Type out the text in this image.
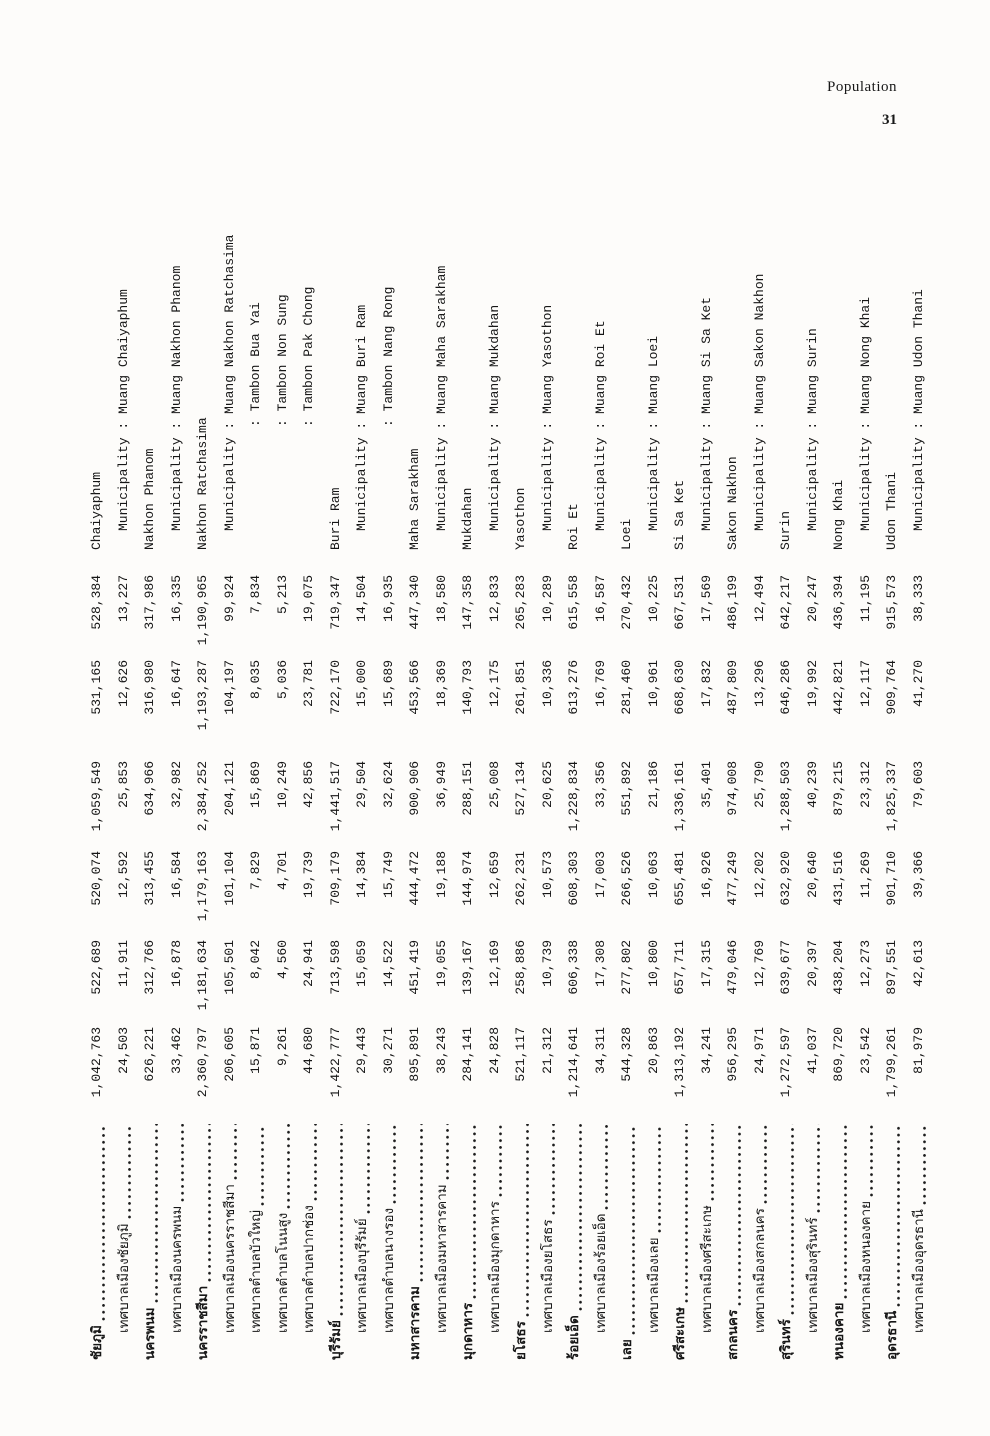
Population
31
ชัยภูมิ
1,042,763
522,689
520,074
1,059,549
531,165
528,384
Chaiyaphum
เทศบาลเมืองชัยภูมิ
24,503
11,911
12,592
25,853
12,626
13,227
Municipality : Muang Chaiyaphum
นครพนม
626,221
312,766
313,455
634,966
316,980
317,986
Nakhon Phanom
เทศบาลเมืองนครพนม
33,462
16,878
16,584
32,982
16,647
16,335
Municipality : Muang Nakhon Phanom
นครราชสีมา
2,360,797
1,181,634
1,179,163
2,384,252
1,193,287
1,190,965
Nakhon Ratchasima
เทศบาลเมืองนครราชสีมา
206,605
105,501
101,104
204,121
104,197
99,924
Municipality : Muang Nakhon Ratchasima
เทศบาลตำบลบัวใหญ่
15,871
8,042
7,829
15,869
8,035
7,834
: Tambon Bua Yai
เทศบาลตำบลโนนสูง
9,261
4,560
4,701
10,249
5,036
5,213
: Tambon Non Sung
เทศบาลตำบลปากช่อง
44,680
24,941
19,739
42,856
23,781
19,075
: Tambon Pak Chong
บุรีรัมย์
1,422,777
713,598
709,179
1,441,517
722,170
719,347
Buri Ram
เทศบาลเมืองบุรีรัมย์
29,443
15,059
14,384
29,504
15,000
14,504
Municipality : Muang Buri Ram
เทศบาลตำบลนางรอง
30,271
14,522
15,749
32,624
15,689
16,935
: Tambon Nang Rong
มหาสารคาม
895,891
451,419
444,472
900,906
453,566
447,340
Maha Sarakham
เทศบาลเมืองมหาสารคาม
38,243
19,055
19,188
36,949
18,369
18,580
Municipality : Muang Maha Sarakham
มุกดาหาร
284,141
139,167
144,974
288,151
140,793
147,358
Mukdahan
เทศบาลเมืองมุกดาหาร
24,828
12,169
12,659
25,008
12,175
12,833
Municipality : Muang Mukdahan
ยโสธร
521,117
258,886
262,231
527,134
261,851
265,283
Yasothon
เทศบาลเมืองยโสธร
21,312
10,739
10,573
20,625
10,336
10,289
Municipality : Muang Yasothon
ร้อยเอ็ด
1,214,641
606,338
608,303
1,228,834
613,276
615,558
Roi Et
เทศบาลเมืองร้อยเอ็ด
34,311
17,308
17,003
33,356
16,769
16,587
Municipality : Muang Roi Et
เลย
544,328
277,802
266,526
551,892
281,460
270,432
Loei
เทศบาลเมืองเลย
20,863
10,800
10,063
21,186
10,961
10,225
Municipality : Muang Loei
ศรีสะเกษ
1,313,192
657,711
655,481
1,336,161
668,630
667,531
Si Sa Ket
เทศบาลเมืองศรีสะเกษ
34,241
17,315
16,926
35,401
17,832
17,569
Municipality : Muang Si Sa Ket
สกลนคร
956,295
479,046
477,249
974,008
487,809
486,199
Sakon Nakhon
เทศบาลเมืองสกลนคร
24,971
12,769
12,202
25,790
13,296
12,494
Municipality : Muang Sakon Nakhon
สุรินทร์
1,272,597
639,677
632,920
1,288,503
646,286
642,217
Surin
เทศบาลเมืองสุรินทร์
41,037
20,397
20,640
40,239
19,992
20,247
Municipality : Muang Surin
หนองคาย
869,720
438,204
431,516
879,215
442,821
436,394
Nong Khai
เทศบาลเมืองหนองคาย
23,542
12,273
11,269
23,312
12,117
11,195
Municipality : Muang Nong Khai
อุดรธานี
1,799,261
897,551
901,710
1,825,337
909,764
915,573
Udon Thani
เทศบาลเมืองอุดรธานี
81,979
42,613
39,366
79,603
41,270
38,333
Municipality : Muang Udon Thani
